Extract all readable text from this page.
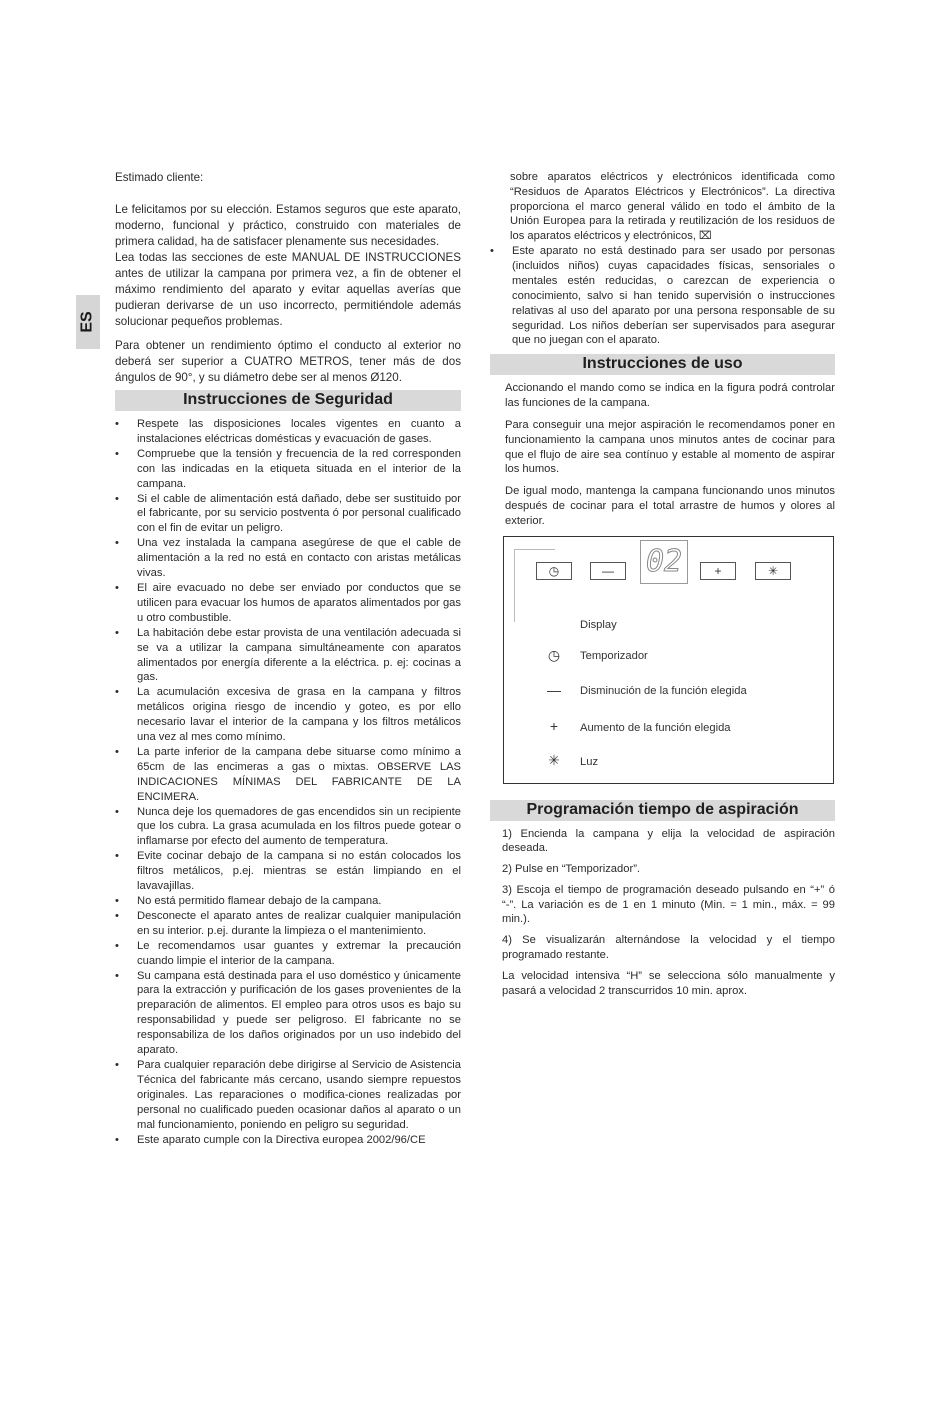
ES

Estimado cliente:

Le felicitamos por su elección. Estamos seguros que este aparato, moderno, funcional y práctico, construido con materiales de primera calidad, ha de satisfacer plenamente sus necesidades.

Lea todas las secciones de este MANUAL DE INSTRUCCIONES antes de utilizar la campana por primera vez, a fin de obtener el máximo rendimiento del aparato y evitar aquellas averías que pudieran derivarse de un uso incorrecto, permitiéndole además solucionar pequeños problemas.

Para obtener un rendimiento óptimo el conducto al exterior no deberá ser superior a CUATRO METROS, tener más de dos ángulos de 90°, y su diámetro debe ser al menos Ø120.

Instrucciones de Seguridad
• Respete las disposiciones locales vigentes en cuanto a instalaciones eléctricas domésticas y evacuación de gases.
• Compruebe que la tensión y frecuencia de la red corresponden con las indicadas en la etiqueta situada en el interior de la campana.
• Si el cable de alimentación está dañado, debe ser sustituido por el fabricante, por su servicio postventa ó por personal cualificado con el fin de evitar un peligro.
• Una vez instalada la campana asegúrese de que el cable de alimentación a la red no está en contacto con aristas metálicas vivas.
• El aire evacuado no debe ser enviado por conductos que se utilicen para evacuar los humos de aparatos alimentados por gas u otro combustible.
• La habitación debe estar provista de una ventilación adecuada si se va a utilizar la campana simultáneamente con aparatos alimentados por energía diferente a la eléctrica. p. ej: cocinas a gas.
• La acumulación excesiva de grasa en la campana y filtros metálicos origina riesgo de incendio y goteo, es por ello necesario lavar el interior de la campana y los filtros metálicos una vez al mes como mínimo.
• La parte inferior de la campana debe situarse como mínimo a 65cm de las encimeras a gas o mixtas. OBSERVE LAS INDICACIONES MÍNIMAS DEL FABRICANTE DE LA ENCIMERA.
• Nunca deje los quemadores de gas encendidos sin un recipiente que los cubra. La grasa acumulada en los filtros puede gotear o inflamarse por efecto del aumento de temperatura.
• Evite cocinar debajo de la campana si no están colocados los filtros metálicos, p.ej. mientras se están limpiando en el lavavajillas.
• No está permitido flamear debajo de la campana.
• Desconecte el aparato antes de realizar cualquier manipulación en su interior. p.ej. durante la limpieza o el mantenimiento.
• Le recomendamos usar guantes y extremar la precaución cuando limpie el interior de la campana.
• Su campana está destinada para el uso doméstico y únicamente para la extracción y purificación de los gases provenientes de la preparación de alimentos. El empleo para otros usos es bajo su responsabilidad y puede ser peligroso. El fabricante no se responsabiliza de los daños originados por un uso indebido del aparato.
• Para cualquier reparación debe dirigirse al Servicio de Asistencia Técnica del fabricante más cercano, usando siempre repuestos originales. Las reparaciones o modifica-ciones realizadas por personal no cualificado pueden ocasionar daños al aparato o un mal funcionamiento, poniendo en peligro su seguridad.
• Este aparato cumple con la Directiva europea 2002/96/CE
sobre aparatos eléctricos y electrónicos identificada como “Residuos de Aparatos Eléctricos y Electrónicos”. La directiva proporciona el marco general válido en todo el ámbito de la Unión Europea para la retirada y reutilización de los residuos de los aparatos eléctricos y electrónicos, ⌧
• Este aparato no está destinado para ser usado por personas (incluidos niños) cuyas capacidades físicas, sensoriales o mentales estén reducidas, o carezcan de experiencia o conocimiento, salvo si han tenido supervisión o instrucciones relativas al uso del aparato por una persona responsable de su seguridad. Los niños deberían ser supervisados para asegurar que no juegan con el aparato.
Instrucciones de uso

Accionando el mando como se indica en la figura podrá controlar las funciones de la campana.

Para conseguir una mejor aspiración le recomendamos poner en funcionamiento la campana unos minutos antes de cocinar para que el flujo de aire sea contínuo y estable al momento de aspirar los humos.

De igual modo, mantenga la campana funcionando unos minutos después de cocinar para el total arrastre de humos y olores al exterior.

◷	— 02	+	✳
Display
◷	Temporizador
— Disminución de la función elegida
+	Aumento de la función elegida
✳	Luz
Programación tiempo de aspiración

1) Encienda la campana y elija la velocidad de aspiración deseada.

2) Pulse en “Temporizador”.

3) Escoja el tiempo de programación deseado pulsando en “+” ó “-”. La variación es de 1 en 1 minuto (Min. = 1 min., máx. = 99 min.).

4) Se visualizarán alternándose la velocidad y el tiempo programado restante.

La velocidad intensiva “H” se selecciona sólo manualmente y pasará a velocidad 2 transcurridos 10 min. aprox.
